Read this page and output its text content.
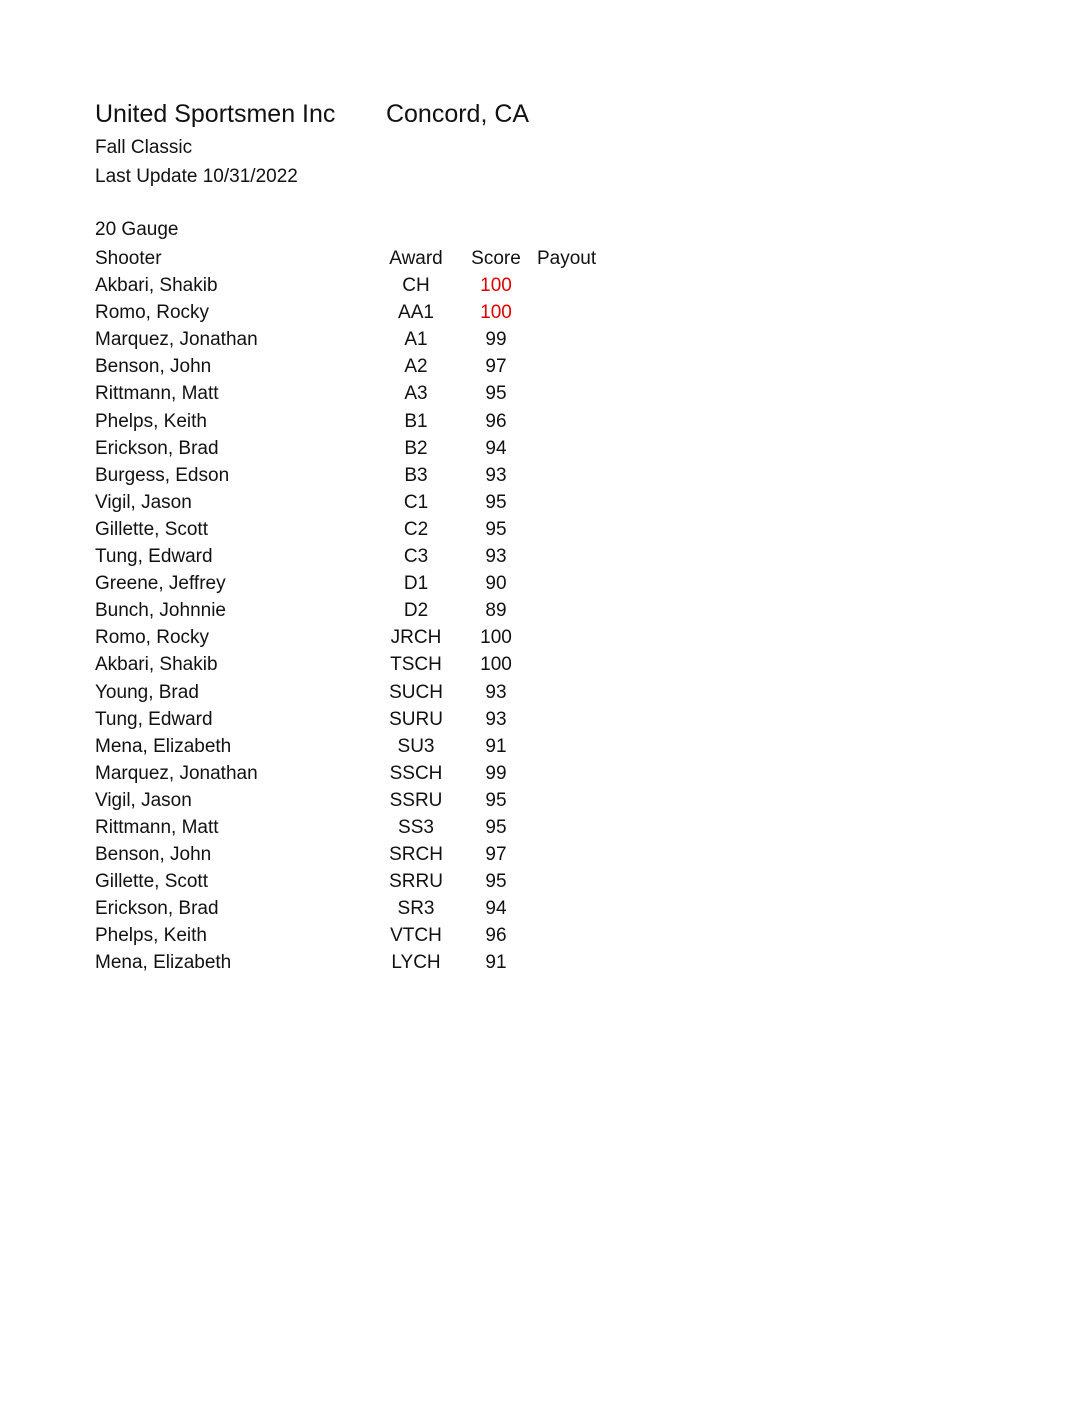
United Sportsmen Inc Concord, CA
Fall Classic
Last Update 10/31/2022
20 Gauge
Shooter	Award	Score Payout
Akbari, Shakib	CH	100
Romo, Rocky	AA1	100
Marquez, Jonathan	A1	99
Benson, John	A2	97
Rittmann, Matt	A3	95
Phelps, Keith	B1	96
Erickson, Brad	B2	94
Burgess, Edson	B3	93
Vigil, Jason	C1	95
Gillette, Scott	C2	95
Tung, Edward	C3	93
Greene, Jeffrey	D1	90
Bunch, Johnnie	D2	89
Romo, Rocky	JRCH	100
Akbari, Shakib	TSCH	100
Young, Brad	SUCH	93
Tung, Edward	SURU	93
Mena, Elizabeth	SU3	91
Marquez, Jonathan	SSCH	99
Vigil, Jason	SSRU	95
Rittmann, Matt	SS3	95
Benson, John	SRCH	97
Gillette, Scott	SRRU	95
Erickson, Brad	SR3	94
Phelps, Keith	VTCH	96
Mena, Elizabeth	LYCH	91
